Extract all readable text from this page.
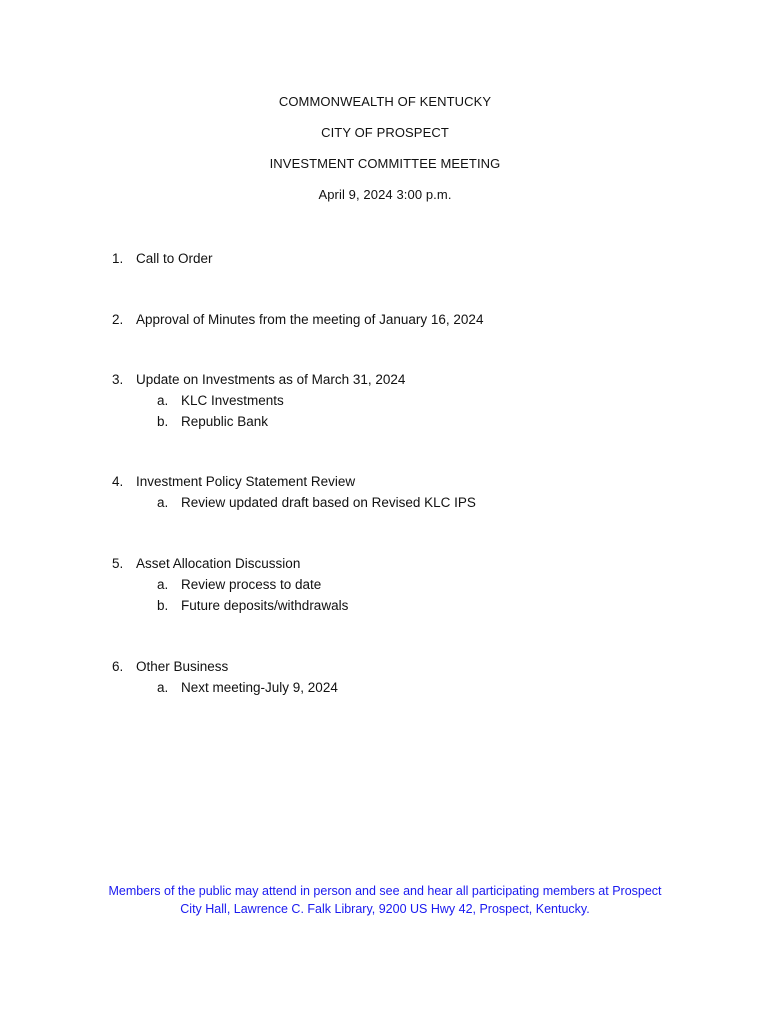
COMMONWEALTH OF KENTUCKY
CITY OF PROSPECT
INVESTMENT COMMITTEE MEETING
April 9, 2024 3:00 p.m.
1. Call to Order
2. Approval of Minutes from the meeting of January 16, 2024
3. Update on Investments as of March 31, 2024
a. KLC Investments
b. Republic Bank
4. Investment Policy Statement Review
a. Review updated draft based on Revised KLC IPS
5. Asset Allocation Discussion
a. Review process to date
b. Future deposits/withdrawals
6. Other Business
a. Next meeting-July 9, 2024
Members of the public may attend in person and see and hear all participating members at Prospect
City Hall, Lawrence C. Falk Library, 9200 US Hwy 42, Prospect, Kentucky.
